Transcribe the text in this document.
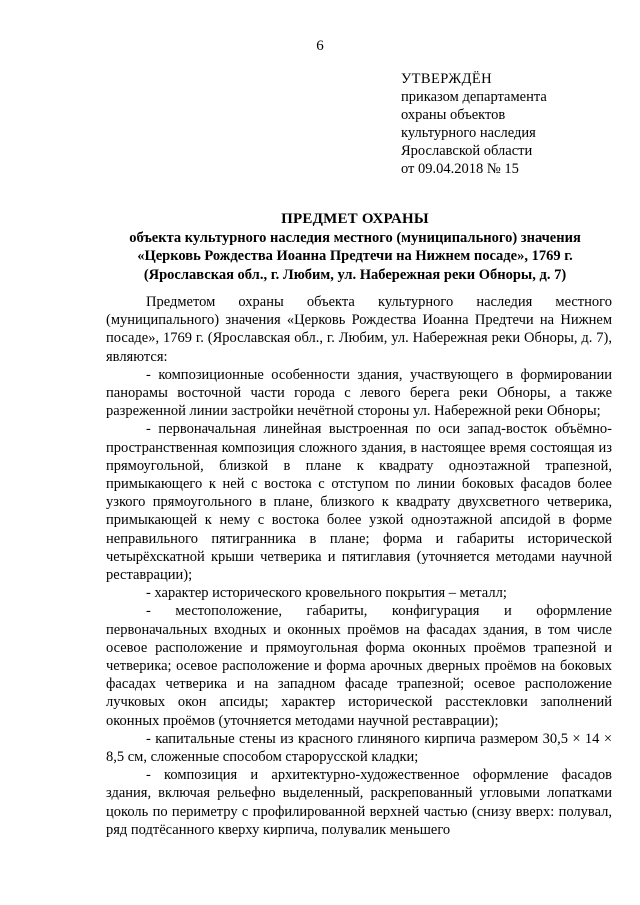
6
УТВЕРЖДЁН
приказом департамента
охраны объектов
культурного наследия
Ярославской области
от 09.04.2018 № 15
ПРЕДМЕТ ОХРАНЫ
объекта культурного наследия местного (муниципального) значения
«Церковь Рождества Иоанна Предтечи на Нижнем посаде», 1769 г.
(Ярославская обл., г. Любим, ул. Набережная реки Обноры, д. 7)

Предметом охраны объекта культурного наследия местного (муниципального) значения «Церковь Рождества Иоанна Предтечи на Нижнем посаде», 1769 г. (Ярославская обл., г. Любим, ул. Набережная реки Обноры, д. 7), являются:

- композиционные особенности здания, участвующего в формировании панорамы восточной части города с левого берега реки Обноры, а также разреженной линии застройки нечётной стороны ул. Набережной реки Обноры;

- первоначальная линейная выстроенная по оси запад-восток объёмно-пространственная композиция сложного здания, в настоящее время состоящая из прямоугольной, близкой в плане к квадрату одноэтажной трапезной, примыкающего к ней с востока с отступом по линии боковых фасадов более узкого прямоугольного в плане, близкого к квадрату двухсветного четверика, примыкающей к нему с востока более узкой одноэтажной апсидой в форме неправильного пятигранника в плане; форма и габариты исторической четырёхскатной крыши четверика и пятиглавия (уточняется методами научной реставрации);

- характер исторического кровельного покрытия – металл;

- местоположение, габариты, конфигурация и оформление первоначальных входных и оконных проёмов на фасадах здания, в том числе осевое расположение и прямоугольная форма оконных проёмов трапезной и четверика; осевое расположение и форма арочных дверных проёмов на боковых фасадах четверика и на западном фасаде трапезной; осевое расположение лучковых окон апсиды; характер исторической расстекловки заполнений оконных проёмов (уточняется методами научной реставрации);

- капитальные стены из красного глиняного кирпича размером 30,5 × 14 × 8,5 см, сложенные способом старорусской кладки;

- композиция и архитектурно-художественное оформление фасадов здания, включая рельефно выделенный, раскрепованный угловыми лопатками цоколь по периметру с профилированной верхней частью (снизу вверх: полувал, ряд подтёсанного кверху кирпича, полувалик меньшего
